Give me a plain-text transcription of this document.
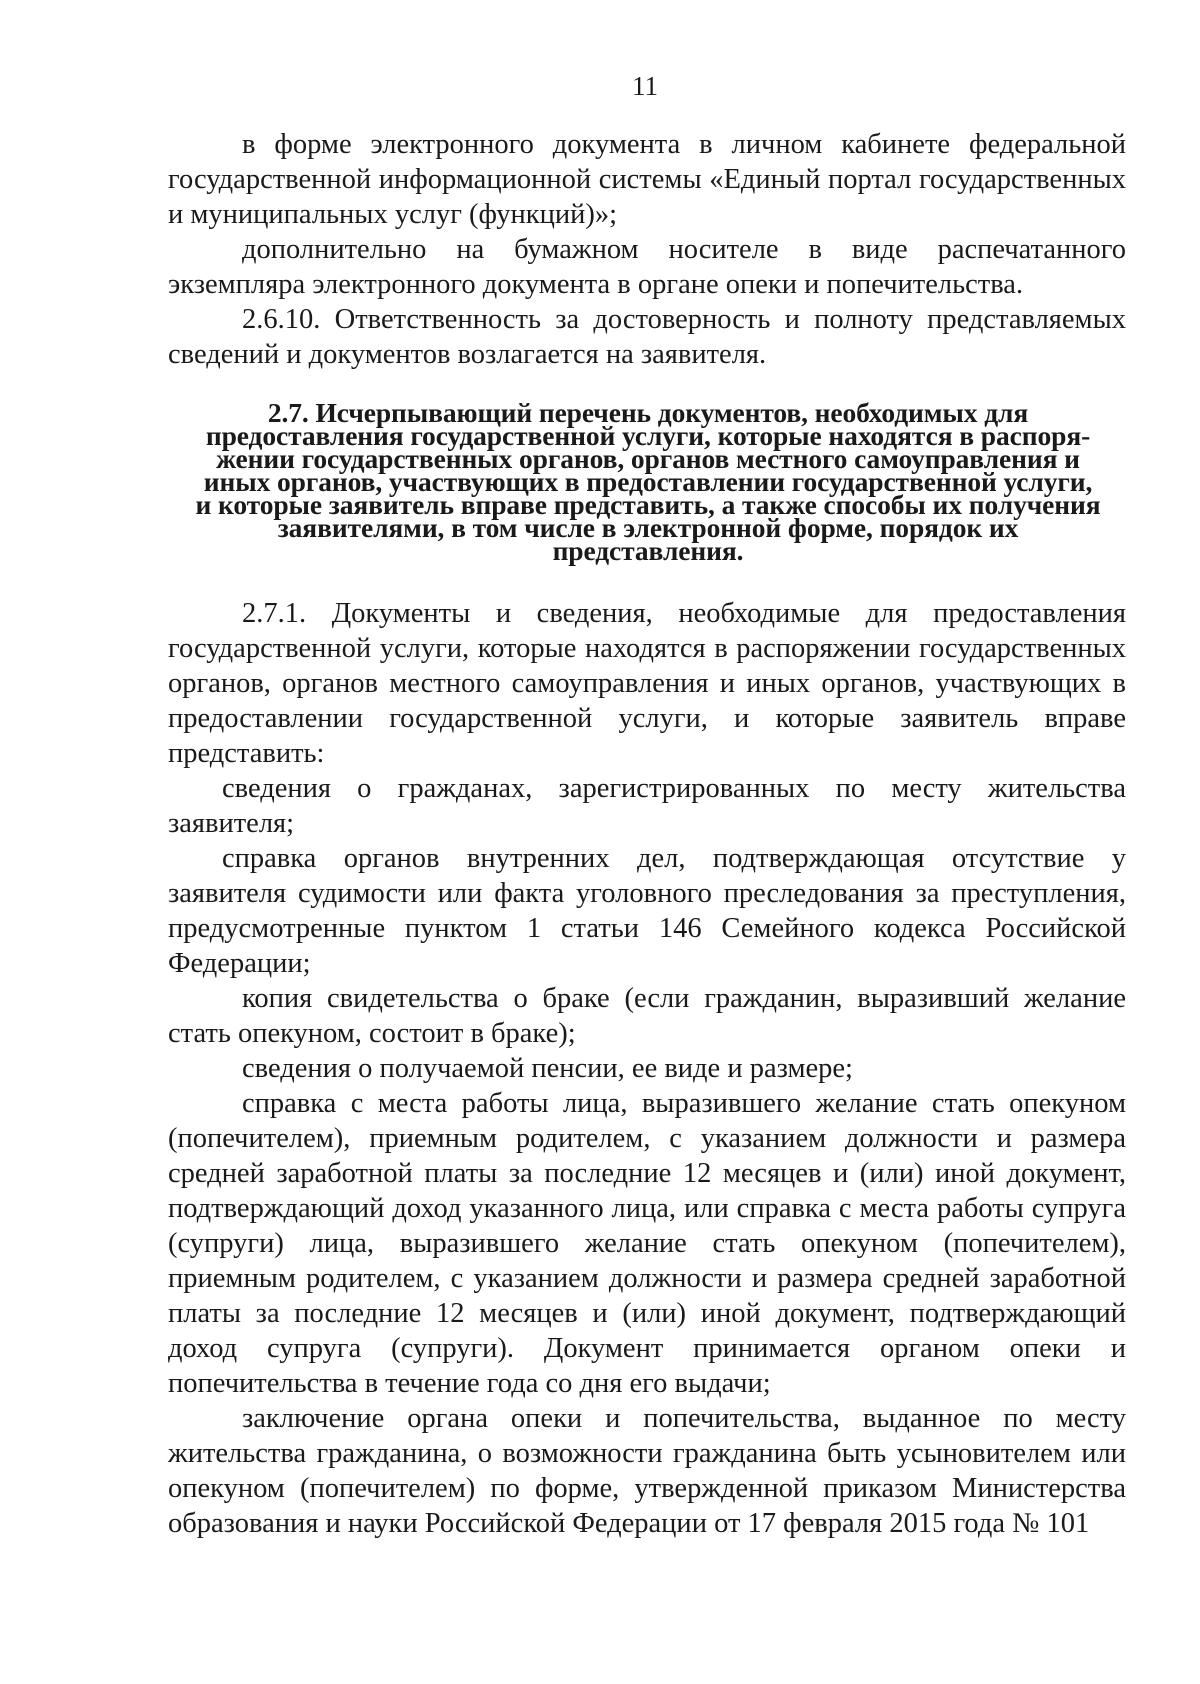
11

в форме электронного документа в личном кабинете федеральной государственной информационной системы «Единый портал государственных и муниципальных услуг (функций)»;

дополнительно на бумажном носителе в виде распечатанного экземпляра электронного документа в органе опеки и попечительства.

2.6.10. Ответственность за достоверность и полноту представляемых сведений и документов возлагается на заявителя.

2.7. Исчерпывающий перечень документов, необходимых для
предоставления государственной услуги, которые находятся в распоря-
жении государственных органов, органов местного самоуправления и
иных органов, участвующих в предоставлении государственной услуги,
и которые заявитель вправе представить, а также способы их получения
заявителями, в том числе в электронной форме, порядок их
представления.

2.7.1. Документы и сведения, необходимые для предоставления государственной услуги, которые находятся в распоряжении государственных органов, органов местного самоуправления и иных органов, участвующих в предоставлении государственной услуги, и которые заявитель вправе представить:

сведения о гражданах, зарегистрированных по месту жительства заявителя;

справка органов внутренних дел, подтверждающая отсутствие у заявителя судимости или факта уголовного преследования за преступления, предусмотренные пунктом 1 статьи 146 Семейного кодекса Российской Федерации;

копия свидетельства о браке (если гражданин, выразивший желание стать опекуном, состоит в браке);

сведения о получаемой пенсии, ее виде и размере;

справка с места работы лица, выразившего желание стать опекуном (попечителем), приемным родителем, с указанием должности и размера средней заработной платы за последние 12 месяцев и (или) иной документ, подтверждающий доход указанного лица, или справка с места работы супруга (супруги) лица, выразившего желание стать опекуном (попечителем), приемным родителем, с указанием должности и размера средней заработной платы за последние 12 месяцев и (или) иной документ, подтверждающий доход супруга (супруги). Документ принимается органом опеки и попечительства в течение года со дня его выдачи;

заключение органа опеки и попечительства, выданное по месту жительства гражданина, о возможности гражданина быть усыновителем или опекуном (попечителем) по форме, утвержденной приказом Министерства образования и науки Российской Федерации от 17 февраля 2015 года № 101
